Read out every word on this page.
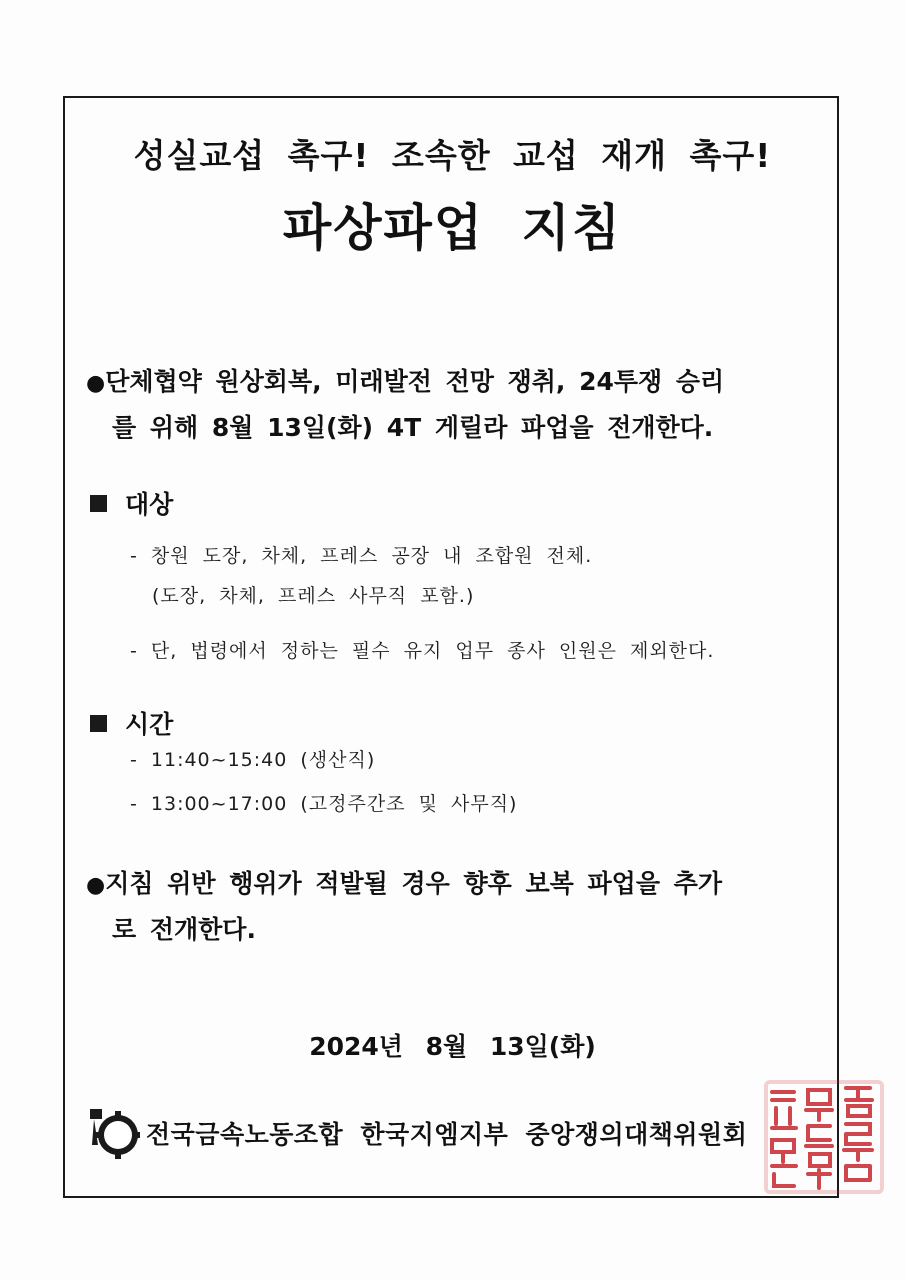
성실교섭 촉구! 조속한 교섭 재개 촉구!
파상파업 지침
●단체협약 원상회복, 미래발전 전망 쟁취, 24투쟁 승리
를 위해 8월 13일(화) 4T 게릴라 파업을 전개한다.
대상
- 창원 도장, 차체, 프레스 공장 내 조합원 전체.
(도장, 차체, 프레스 사무직 포함.)
- 단, 법령에서 정하는 필수 유지 업무 종사 인원은 제외한다.
시간
- 11:40~15:40 (생산직)
- 13:00~17:00 (고정주간조 및 사무직)
●지침 위반 행위가 적발될 경우 향후 보복 파업을 추가
로 전개한다.
2024년 8월 13일(화)
전국금속노동조합 한국지엠지부 중앙쟁의대책위원회
